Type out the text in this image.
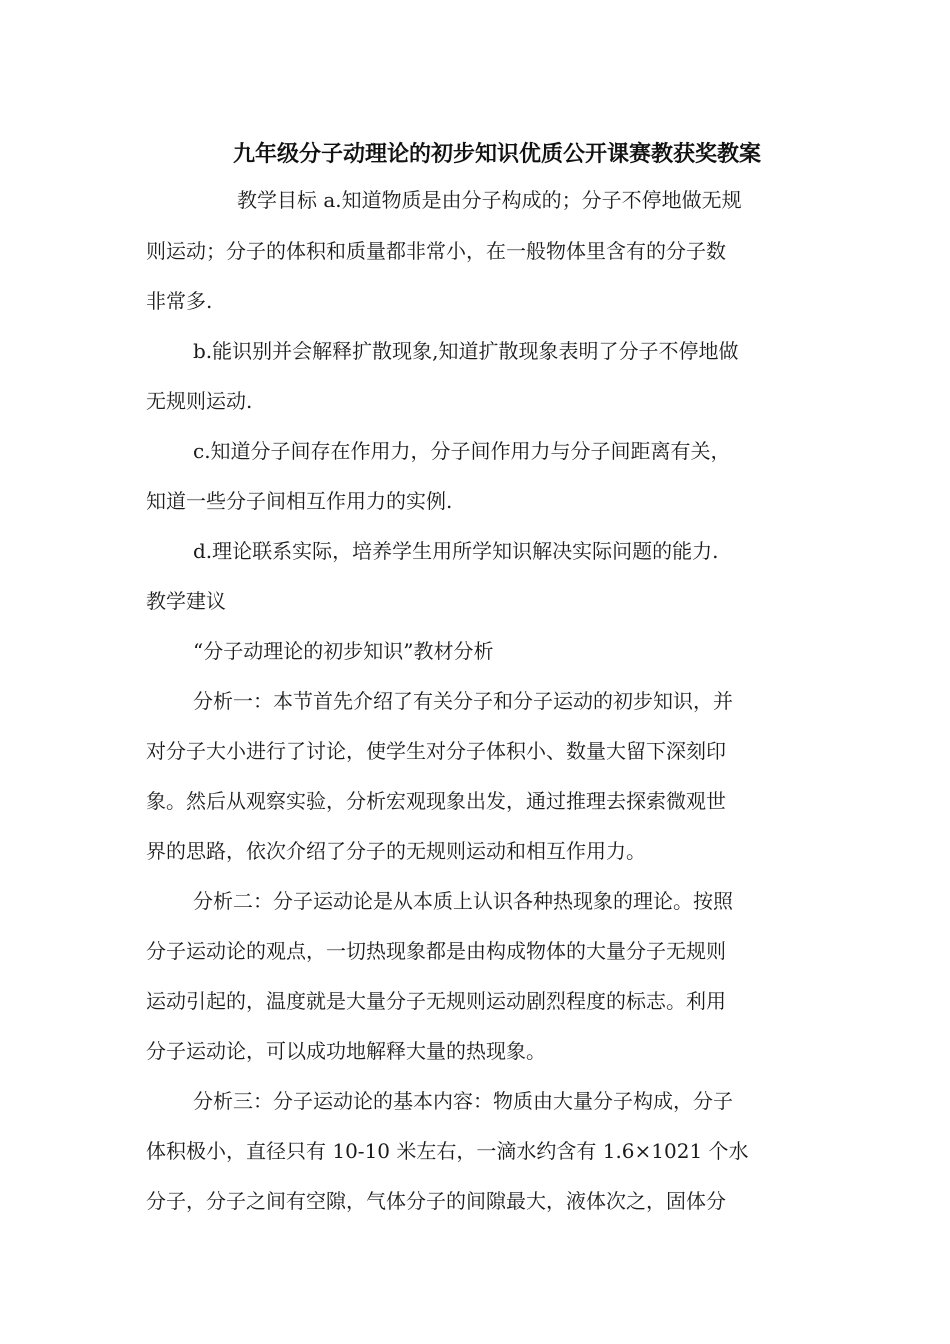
九年级分子动理论的初步知识优质公开课赛教获奖教案
教学目标 a.知道物质是由分子构成的；分子不停地做无规
则运动；分子的体积和质量都非常小，在一般物体里含有的分子数
非常多.
b.能识别并会解释扩散现象,知道扩散现象表明了分子不停地做
无规则运动.
c.知道分子间存在作用力，分子间作用力与分子间距离有关，
知道一些分子间相互作用力的实例.
d.理论联系实际，培养学生用所学知识解决实际问题的能力.
教学建议
“分子动理论的初步知识”教材分析
分析一：本节首先介绍了有关分子和分子运动的初步知识，并
对分子大小进行了讨论，使学生对分子体积小、数量大留下深刻印
象。然后从观察实验，分析宏观现象出发，通过推理去探索微观世
界的思路，依次介绍了分子的无规则运动和相互作用力。
分析二：分子运动论是从本质上认识各种热现象的理论。按照
分子运动论的观点，一切热现象都是由构成物体的大量分子无规则
运动引起的，温度就是大量分子无规则运动剧烈程度的标志。利用
分子运动论，可以成功地解释大量的热现象。
分析三：分子运动论的基本内容：物质由大量分子构成，分子
体积极小，直径只有 10-10 米左右，一滴水约含有 1.6×1021 个水
分子，分子之间有空隙，气体分子的间隙最大，液体次之，固体分
